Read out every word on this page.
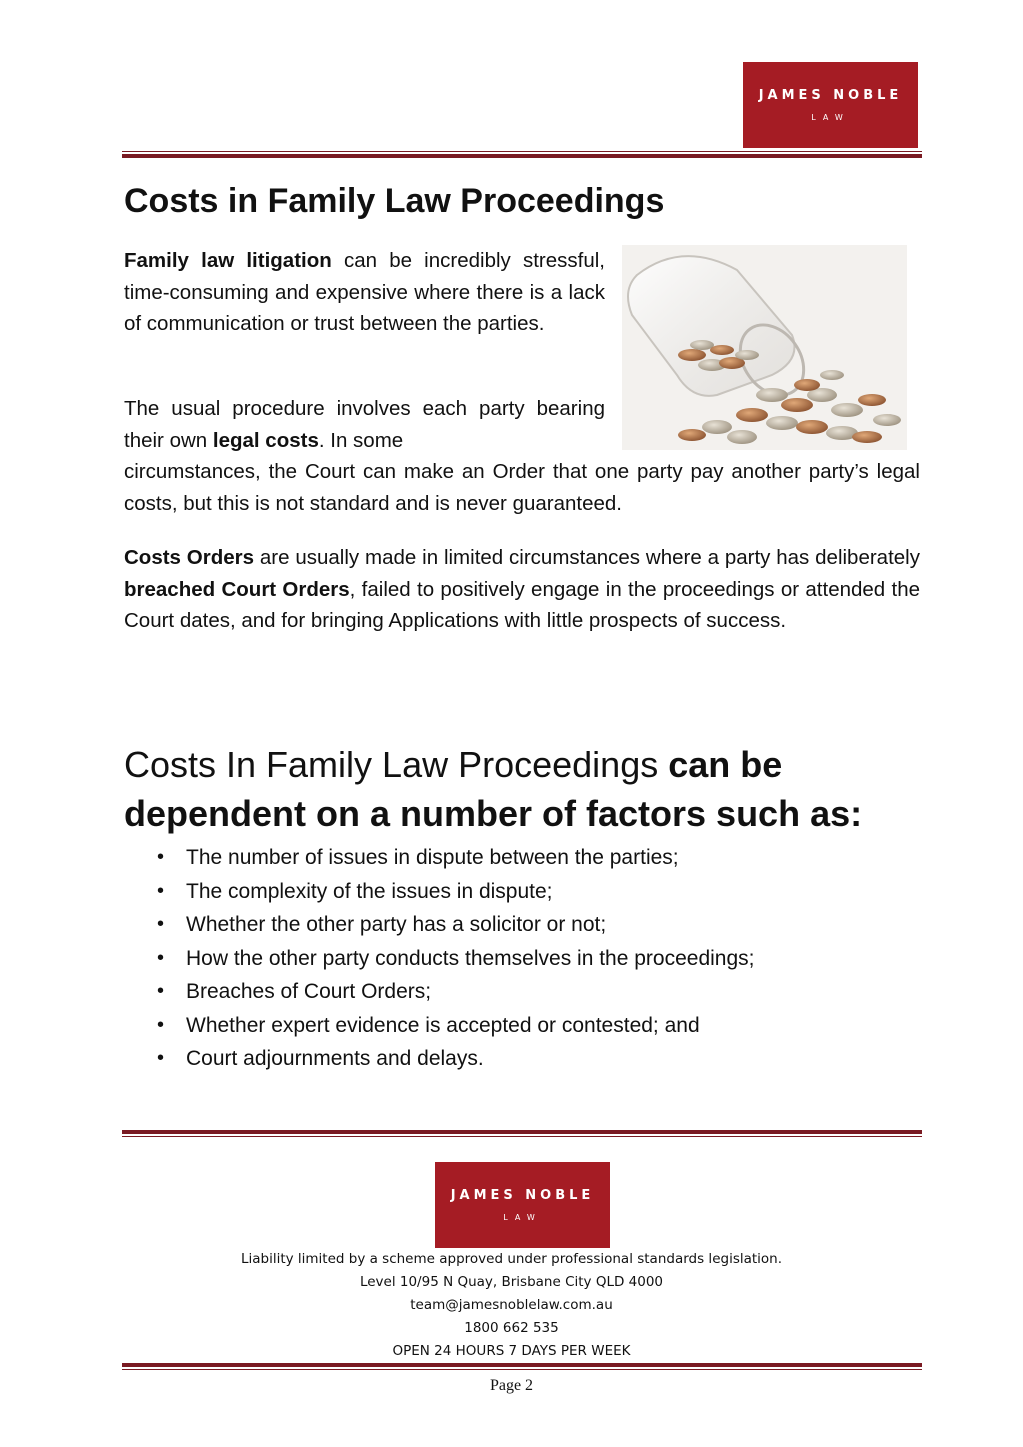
JAMES NOBLE
LAW
Costs in Family Law Proceedings

Family law litigation can be incredibly stressful, time-consuming and expensive where there is a lack of communication or trust between the parties.

The usual procedure involves each party bearing their own legal costs. In some

circumstances, the Court can make an Order that one party pay another party’s legal costs, but this is not standard and is never guaranteed.

Costs Orders are usually made in limited circumstances where a party has deliberately breached Court Orders, failed to positively engage in the proceedings or attended the Court dates, and for bringing Applications with little prospects of success.

Costs In Family Law Proceedings can be dependent on a number of factors such as:
• The number of issues in dispute between the parties;
• The complexity of the issues in dispute;
• Whether the other party has a solicitor or not;
• How the other party conducts themselves in the proceedings;
• Breaches of Court Orders;
• Whether expert evidence is accepted or contested; and
• Court adjournments and delays.
JAMES NOBLE
LAW
Liability limited by a scheme approved under professional standards legislation.
Level 10/95 N Quay, Brisbane City QLD 4000
team@jamesnoblelaw.com.au
1800 662 535
OPEN 24 HOURS 7 DAYS PER WEEK
Page 2
